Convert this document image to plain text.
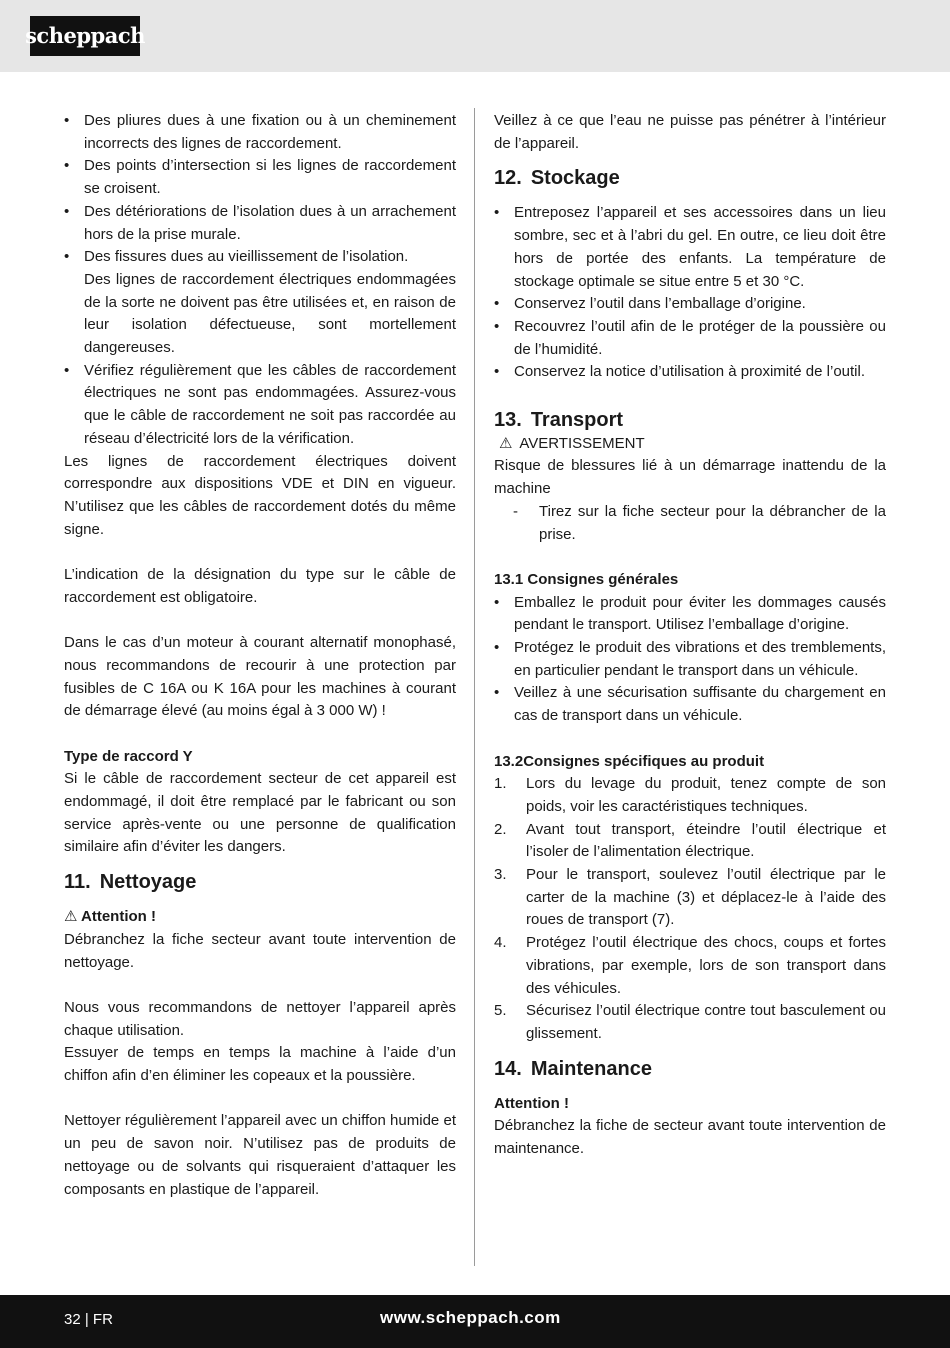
scheppach
• Des pliures dues à une fixation ou à un cheminement incorrects des lignes de raccordement.
• Des points d’intersection si les lignes de raccordement se croisent.
• Des détériorations de l’isolation dues à un arrachement hors de la prise murale.
• Des fissures dues au vieillissement de l’isolation.
Des lignes de raccordement électriques endommagées de la sorte ne doivent pas être utilisées et, en raison de leur isolation défectueuse, sont mortellement dangereuses.
• Vérifiez régulièrement que les câbles de raccordement électriques ne sont pas endommagées. Assurez-vous que le câble de raccordement ne soit pas raccordée au réseau d’électricité lors de la vérification.

Les lignes de raccordement électriques doivent correspondre aux dispositions VDE et DIN en vigueur. N’utilisez que les câbles de raccordement dotés du même signe.

L’indication de la désignation du type sur le câble de raccordement est obligatoire.

Dans le cas d’un moteur à courant alternatif monophasé, nous recommandons de recourir à une protection par fusibles de C 16A ou K 16A pour les machines à courant de démarrage élevé (au moins égal à 3 000 W) !

Type de raccord Y

Si le câble de raccordement secteur de cet appareil est endommagé, il doit être remplacé par le fabricant ou son service après-vente ou une personne de qualification similaire afin d’éviter les dangers.

11. Nettoyage
⚠ Attention !

Débranchez la fiche secteur avant toute intervention de nettoyage.

Nous vous recommandons de nettoyer l’appareil après chaque utilisation.

Essuyer de temps en temps la machine à l’aide d’un chiffon afin d’en éliminer les copeaux et la poussière.

Nettoyer régulièrement l’appareil avec un chiffon humide et un peu de savon noir. N’utilisez pas de produits de nettoyage ou de solvants qui risqueraient d’attaquer les composants en plastique de l’appareil.

Veillez à ce que l’eau ne puisse pas pénétrer à l’intérieur de l’appareil.

12. Stockage
• Entreposez l’appareil et ses accessoires dans un lieu sombre, sec et à l’abri du gel. En outre, ce lieu doit être hors de portée des enfants. La température de stockage optimale se situe entre 5 et 30 °C.
• Conservez l’outil dans l’emballage d’origine.
• Recouvrez l’outil afin de le protéger de la poussière ou de l’humidité.
• Conservez la notice d’utilisation à proximité de l’outil.
13. Transport
⚠ AVERTISSEMENT

Risque de blessures lié à un démarrage inattendu de la machine

- Tirez sur la fiche secteur pour la débrancher de la prise.
13.1 Consignes générales
• Emballez le produit pour éviter les dommages causés pendant le transport. Utilisez l’emballage d’origine.
• Protégez le produit des vibrations et des tremblements, en particulier pendant le transport dans un véhicule.
• Veillez à une sécurisation suffisante du chargement en cas de transport dans un véhicule.
13.2Consignes spécifiques au produit
1. Lors du levage du produit, tenez compte de son poids, voir les caractéristiques techniques.
2. Avant tout transport, éteindre l’outil électrique et l’isoler de l’alimentation électrique.
3. Pour le transport, soulevez l’outil électrique par le carter de la machine (3) et déplacez-le à l’aide des roues de transport (7).
4. Protégez l’outil électrique des chocs, coups et fortes vibrations, par exemple, lors de son transport dans des véhicules.
5. Sécurisez l’outil électrique contre tout basculement ou glissement.
14. Maintenance
Attention !

Débranchez la fiche de secteur avant toute intervention de maintenance.

32 | FR	www.scheppach.com
